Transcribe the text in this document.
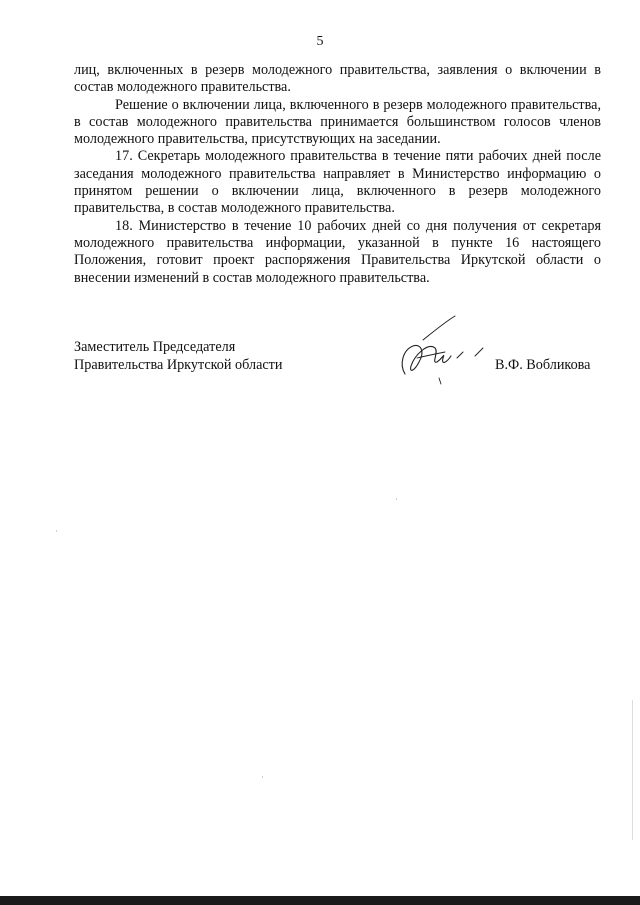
5

лиц, включенных в резерв молодежного правительства, заявления о включении в состав молодежного правительства.

Решение о включении лица, включенного в резерв молодежного правительства, в состав молодежного правительства принимается большинством голосов членов молодежного правительства, присутствующих на заседании.

17. Секретарь молодежного правительства в течение пяти рабочих дней после заседания молодежного правительства направляет в Министерство информацию о принятом решении о включении лица, включенного в резерв молодежного правительства, в состав молодежного правительства.

18. Министерство в течение 10 рабочих дней со дня получения от секретаря молодежного правительства информации, указанной в пункте 16 настоящего Положения, готовит проект распоряжения Правительства Иркутской области о внесении изменений в состав молодежного правительства.

Заместитель Председателя
Правительства Иркутской области	В.Ф. Вобликова
